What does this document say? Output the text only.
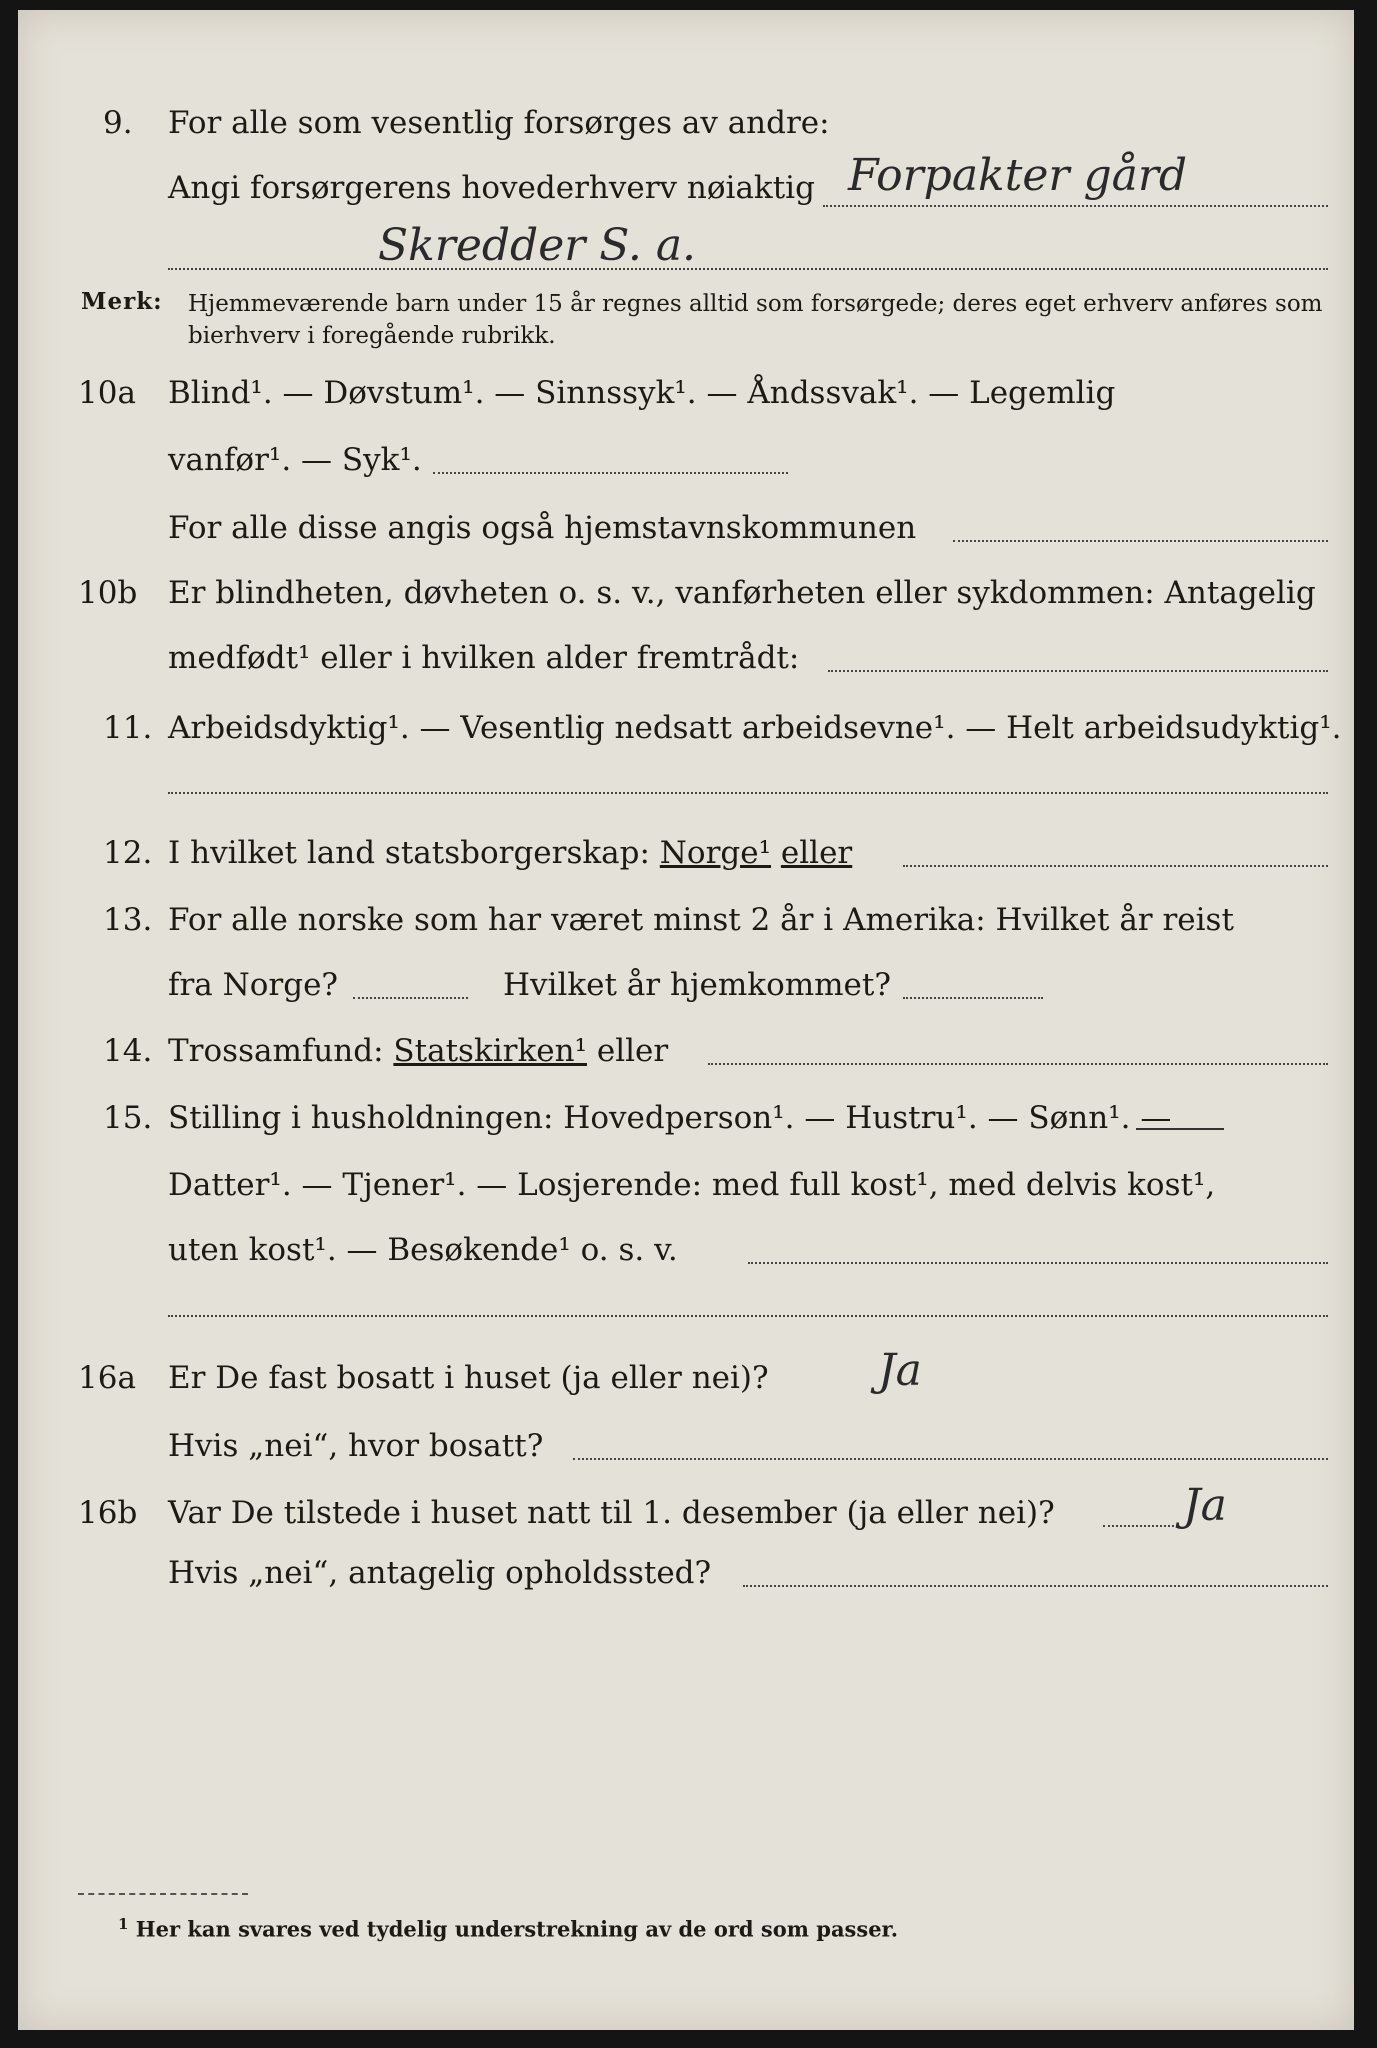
9. For alle som vesentlig forsørges av andre:
Angi forsørgerens hovederhverv nøiaktig Forpakter gård
Skredder S. a.
Merk: Hjemmeværende barn under 15 år regnes alltid som forsørgede; deres eget erhverv anføres som bierhverv i foregående rubrikk.
10a Blind¹. — Døvstum¹. — Sinnssyk¹. — Åndssvak¹. — Legemlig
vanfør¹. — Syk¹.
For alle disse angis også hjemstavnskommunen
10b Er blindheten, døvheten o. s. v., vanførheten eller sykdommen: Antagelig
medfødt¹ eller i hvilken alder fremtrådt:
11. Arbeidsdyktig¹. — Vesentlig nedsatt arbeidsevne¹. — Helt arbeidsudyktig¹.
12. I hvilket land statsborgerskap: Norge¹ eller
13. For alle norske som har været minst 2 år i Amerika: Hvilket år reist
fra Norge?	Hvilket år hjemkommet?
14. Trossamfund: Statskirken¹ eller
15. Stilling i husholdningen: Hovedperson¹. — Hustru¹. — Sønn¹. —
Datter¹. — Tjener¹. — Losjerende: med full kost¹, med delvis kost¹,
uten kost¹. — Besøkende¹ o. s. v.
16a Er De fast bosatt i huset (ja eller nei)? Ja
Hvis „nei“, hvor bosatt?
16b Var De tilstede i huset natt til 1. desember (ja eller nei)?	Ja
Hvis „nei“, antagelig opholdssted?
$^1$ Her kan svares ved tydelig understrekning av de ord som passer.
